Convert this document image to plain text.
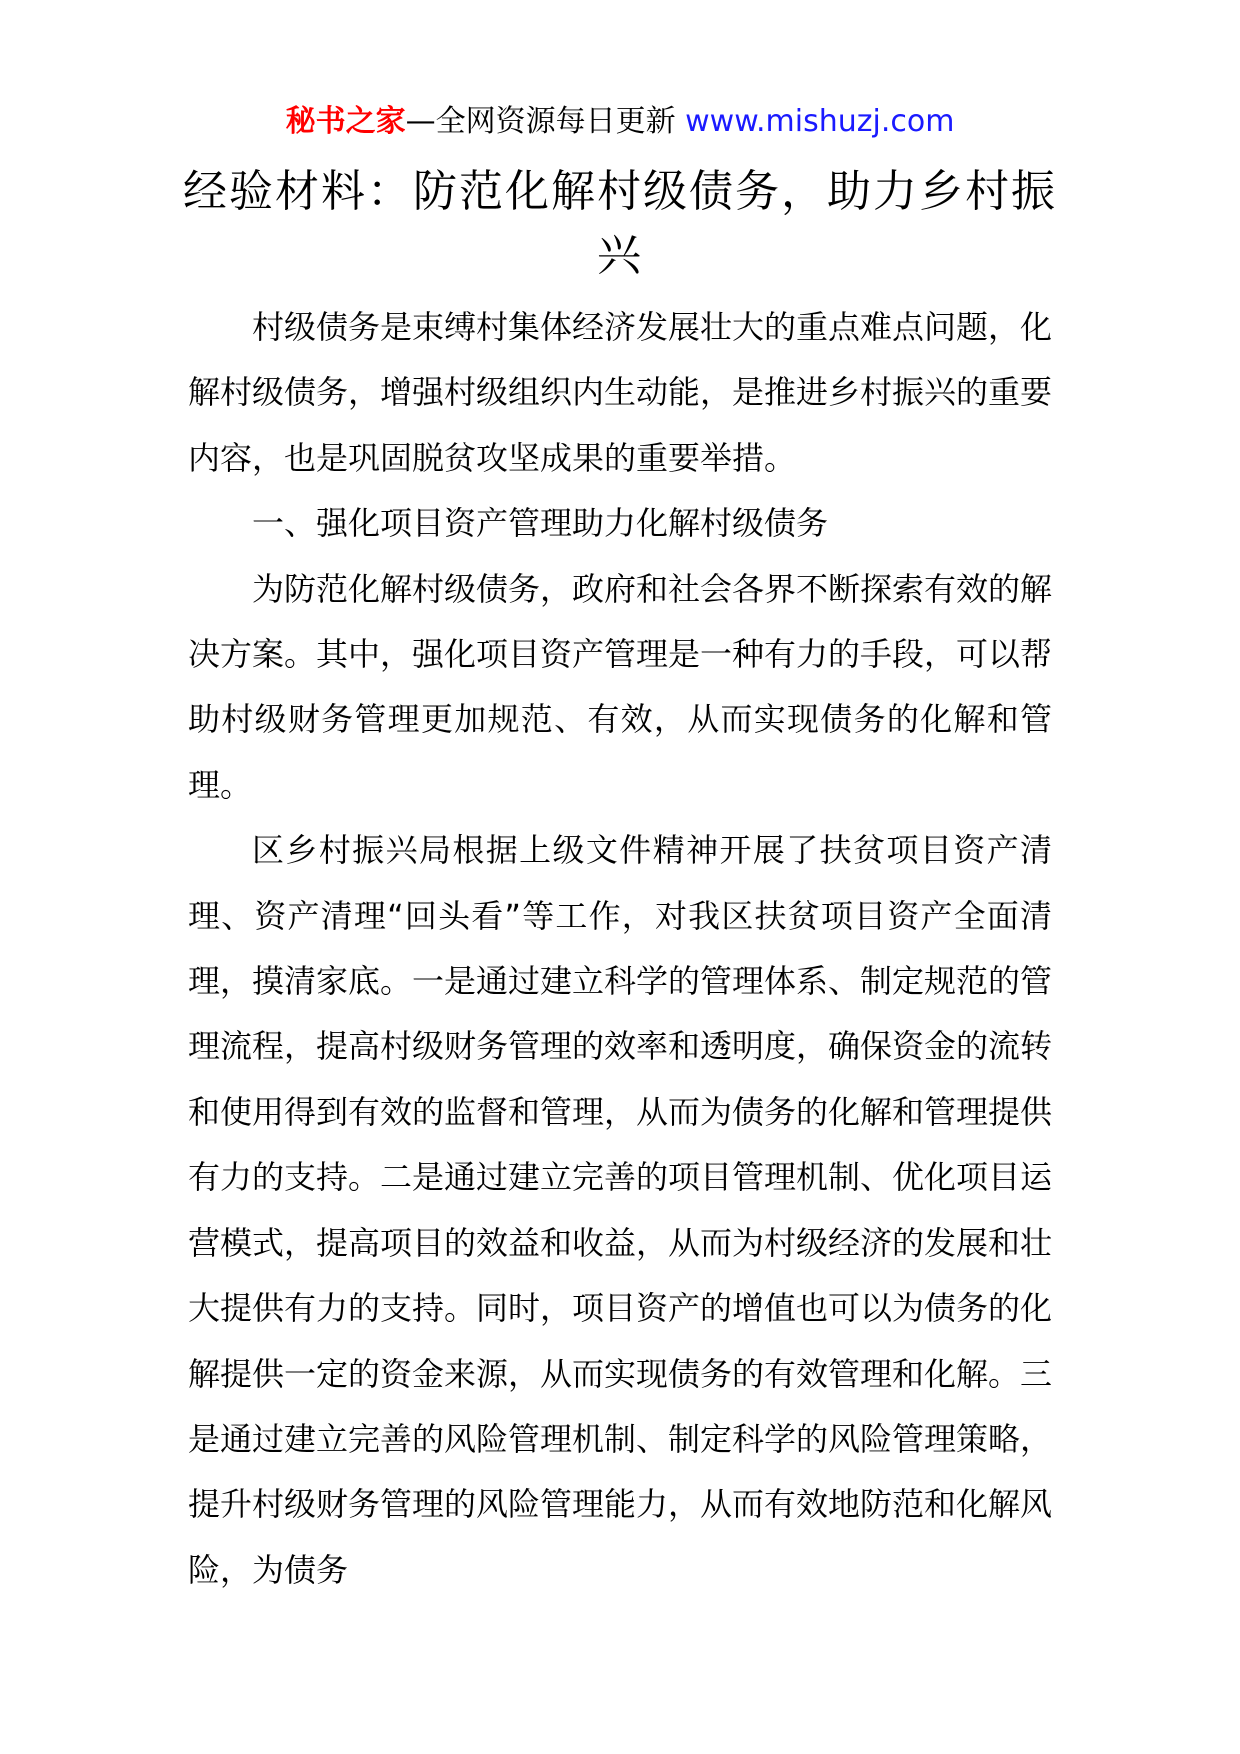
秘书之家—全网资源每日更新 www.mishuzj.com
经验材料：防范化解村级债务，助力乡村振兴

村级债务是束缚村集体经济发展壮大的重点难点问题，化解村级债务，增强村级组织内生动能，是推进乡村振兴的重要内容，也是巩固脱贫攻坚成果的重要举措。

一、强化项目资产管理助力化解村级债务

为防范化解村级债务，政府和社会各界不断探索有效的解决方案。其中，强化项目资产管理是一种有力的手段，可以帮助村级财务管理更加规范、有效，从而实现债务的化解和管理。

区乡村振兴局根据上级文件精神开展了扶贫项目资产清理、资产清理“回头看”等工作，对我区扶贫项目资产全面清理，摸清家底。一是通过建立科学的管理体系、制定规范的管理流程，提高村级财务管理的效率和透明度，确保资金的流转和使用得到有效的监督和管理，从而为债务的化解和管理提供有力的支持。二是通过建立完善的项目管理机制、优化项目运营模式，提高项目的效益和收益，从而为村级经济的发展和壮大提供有力的支持。同时，项目资产的增值也可以为债务的化解提供一定的资金来源，从而实现债务的有效管理和化解。三是通过建立完善的风险管理机制、制定科学的风险管理策略，提升村级财务管理的风险管理能力，从而有效地防范和化解风险，为债务
